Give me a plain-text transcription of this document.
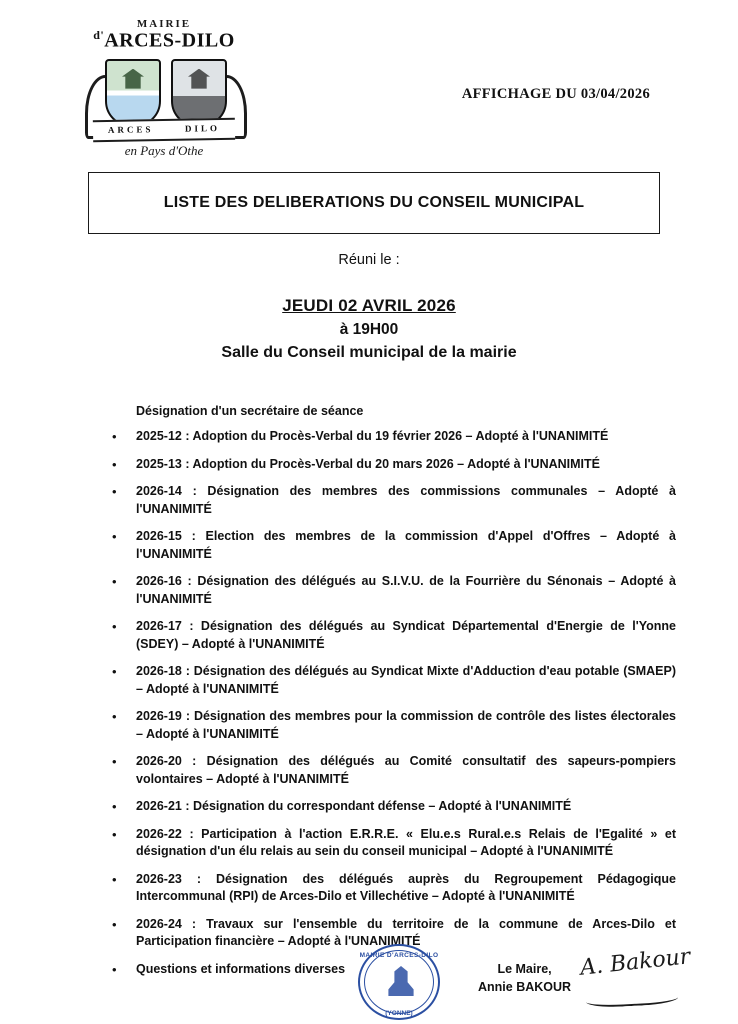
MAIRIE
$^{d'}$ARCES-DILO
ARCES	DILO
en Pays d'Othe
AFFICHAGE DU 03/04/2026
LISTE DES DELIBERATIONS DU CONSEIL MUNICIPAL
Réuni le :
JEUDI 02 AVRIL 2026
à 19H00
Salle du Conseil municipal de la mairie
Désignation d'un secrétaire de séance
•	2025-12 : Adoption du Procès-Verbal du 19 février 2026 – Adopté à l'UNANIMITÉ
•	2025-13 : Adoption du Procès-Verbal du 20 mars 2026 – Adopté à l'UNANIMITÉ
•	2026-14 : Désignation des membres des commissions communales – Adopté à l'UNANIMITÉ
•	2026-15 : Election des membres de la commission d'Appel d'Offres – Adopté à l'UNANIMITÉ
•	2026-16 : Désignation des délégués au S.I.V.U. de la Fourrière du Sénonais – Adopté à l'UNANIMITÉ
•	2026-17 : Désignation des délégués au Syndicat Départemental d'Energie de l'Yonne (SDEY) – Adopté à l'UNANIMITÉ
•	2026-18 : Désignation des délégués au Syndicat Mixte d'Adduction d'eau potable (SMAEP) – Adopté à l'UNANIMITÉ
•	2026-19 : Désignation des membres pour la commission de contrôle des listes électorales – Adopté à l'UNANIMITÉ
•	2026-20 : Désignation des délégués au Comité consultatif des sapeurs-pompiers volontaires – Adopté à l'UNANIMITÉ
•	2026-21 : Désignation du correspondant défense – Adopté à l'UNANIMITÉ
•	2026-22 : Participation à l'action E.R.R.E. « Elu.e.s Rural.e.s Relais de l'Egalité » et désignation d'un élu relais au sein du conseil municipal – Adopté à l'UNANIMITÉ
•	2026-23 : Désignation des délégués auprès du Regroupement Pédagogique Intercommunal (RPI) de Arces-Dilo et Villechétive – Adopté à l'UNANIMITÉ
•	2026-24 : Travaux sur l'ensemble du territoire de la commune de Arces-Dilo et Participation financière – Adopté à l'UNANIMITÉ
•	Questions et informations diverses
MAIRIE D'ARCES-DILO
(YONNE)
Le Maire,
Annie BAKOUR
A. Bakour
